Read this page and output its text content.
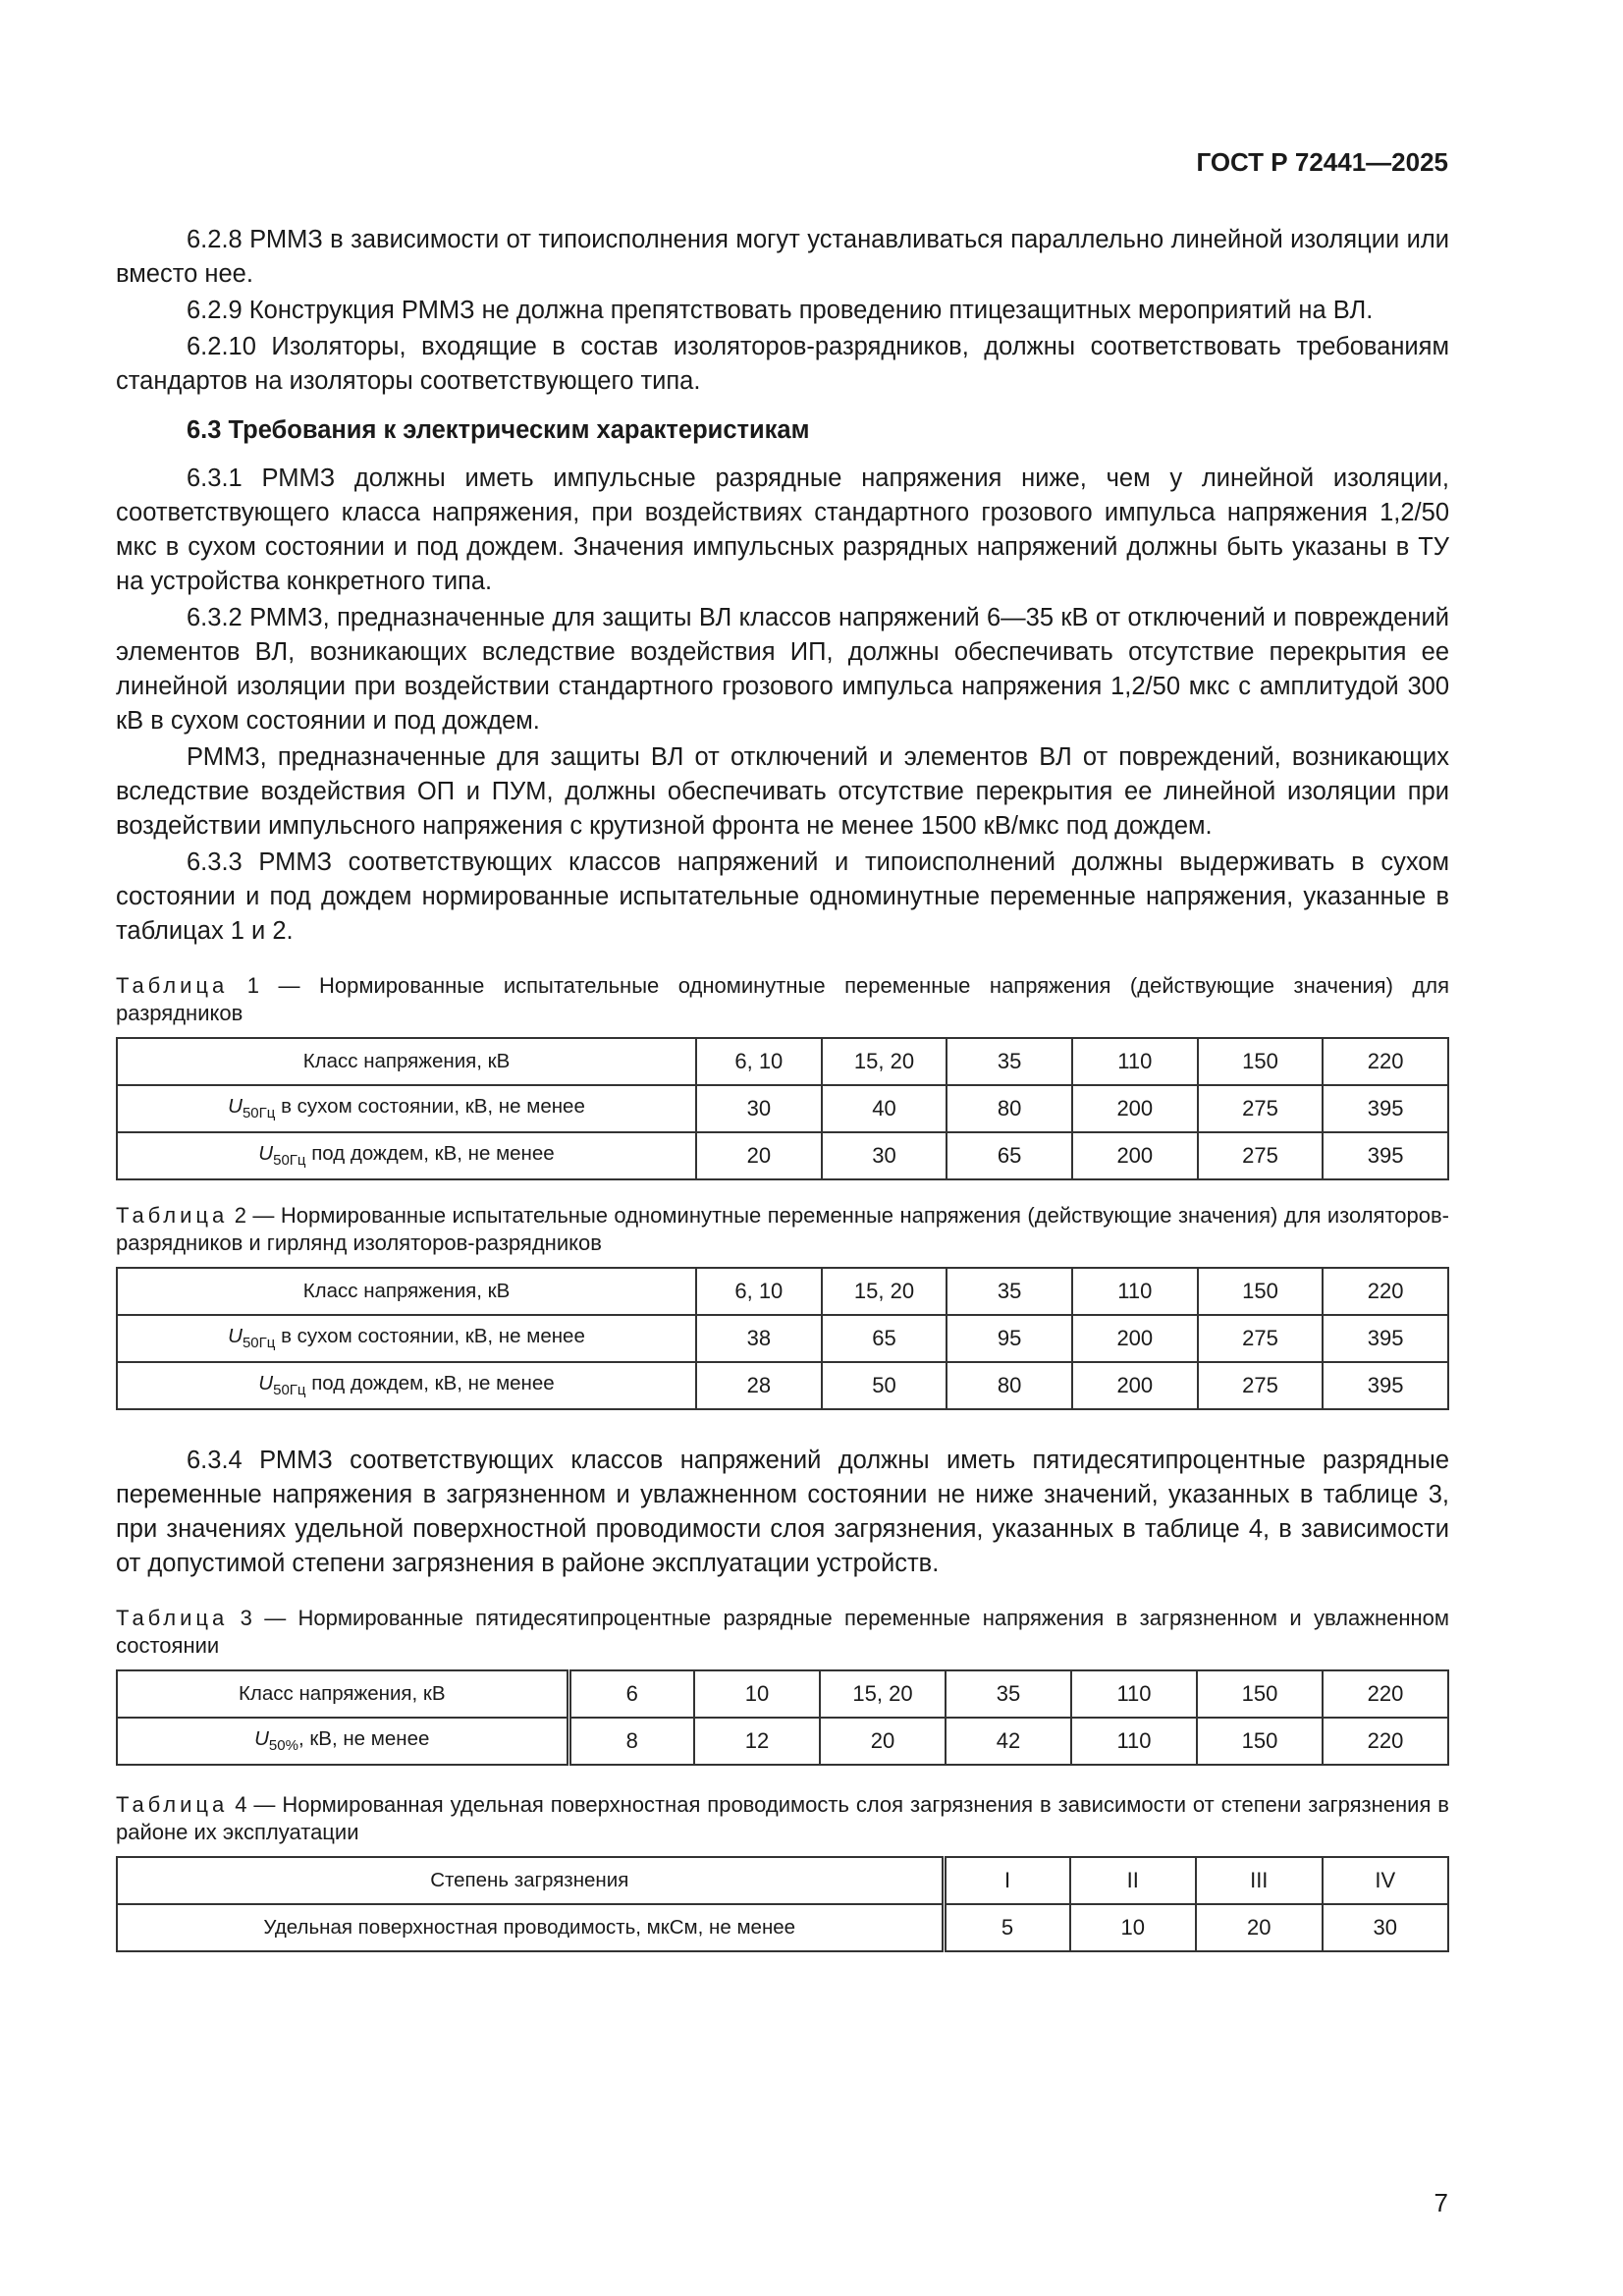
ГОСТ Р 72441—2025

6.2.8 РММЗ в зависимости от типоисполнения могут устанавливаться параллельно линейной изоляции или вместо нее.

6.2.9 Конструкция РММЗ не должна препятствовать проведению птицезащитных мероприятий на ВЛ.

6.2.10 Изоляторы, входящие в состав изоляторов-разрядников, должны соответствовать требованиям стандартов на изоляторы соответствующего типа.

6.3 Требования к электрическим характеристикам

6.3.1 РММЗ должны иметь импульсные разрядные напряжения ниже, чем у линейной изоляции, соответствующего класса напряжения, при воздействиях стандартного грозового импульса напряжения 1,2/50 мкс в сухом состоянии и под дождем. Значения импульсных разрядных напряжений должны быть указаны в ТУ на устройства конкретного типа.

6.3.2 РММЗ, предназначенные для защиты ВЛ классов напряжений 6—35 кВ от отключений и повреждений элементов ВЛ, возникающих вследствие воздействия ИП, должны обеспечивать отсутствие перекрытия ее линейной изоляции при воздействии стандартного грозового импульса напряжения 1,2/50 мкс с амплитудой 300 кВ в сухом состоянии и под дождем.

РММЗ, предназначенные для защиты ВЛ от отключений и элементов ВЛ от повреждений, возникающих вследствие воздействия ОП и ПУМ, должны обеспечивать отсутствие перекрытия ее линейной изоляции при воздействии импульсного напряжения с крутизной фронта не менее 1500 кВ/мкс под дождем.

6.3.3 РММЗ соответствующих классов напряжений и типоисполнений должны выдерживать в сухом состоянии и под дождем нормированные испытательные одноминутные переменные напряжения, указанные в таблицах 1 и 2.

Таблица 1 — Нормированные испытательные одноминутные переменные напряжения (действующие значения) для разрядников
Класс напряжения, кВ	6, 10	15, 20	35	110	150	220
$U_{50Гц}$ в сухом состоянии, кВ, не менее	30	40	80	200	275	395
$U_{50Гц}$ под дождем, кВ, не менее	20	30	65	200	275	395
Таблица 2 — Нормированные испытательные одноминутные переменные напряжения (действующие значения) для изоляторов-разрядников и гирлянд изоляторов-разрядников
Класс напряжения, кВ	6, 10	15, 20	35	110	150	220
$U_{50Гц}$ в сухом состоянии, кВ, не менее	38	65	95	200	275	395
$U_{50Гц}$ под дождем, кВ, не менее	28	50	80	200	275	395

6.3.4 РММЗ соответствующих классов напряжений должны иметь пятидесятипроцентные разрядные переменные напряжения в загрязненном и увлажненном состоянии не ниже значений, указанных в таблице 3, при значениях удельной поверхностной проводимости слоя загрязнения, указанных в таблице 4, в зависимости от допустимой степени загрязнения в районе эксплуатации устройств.

Таблица 3 — Нормированные пятидесятипроцентные разрядные переменные напряжения в загрязненном и увлажненном состоянии
Класс напряжения, кВ	6	10	15, 20	35	110	150	220
$U_{50\%}$, кВ, не менее	8	12	20	42	110	150	220
Таблица 4 — Нормированная удельная поверхностная проводимость слоя загрязнения в зависимости от степени загрязнения в районе их эксплуатации
Степень загрязнения	I	II	III	IV
Удельная поверхностная проводимость, мкСм, не менее	5	10	20	30
7
